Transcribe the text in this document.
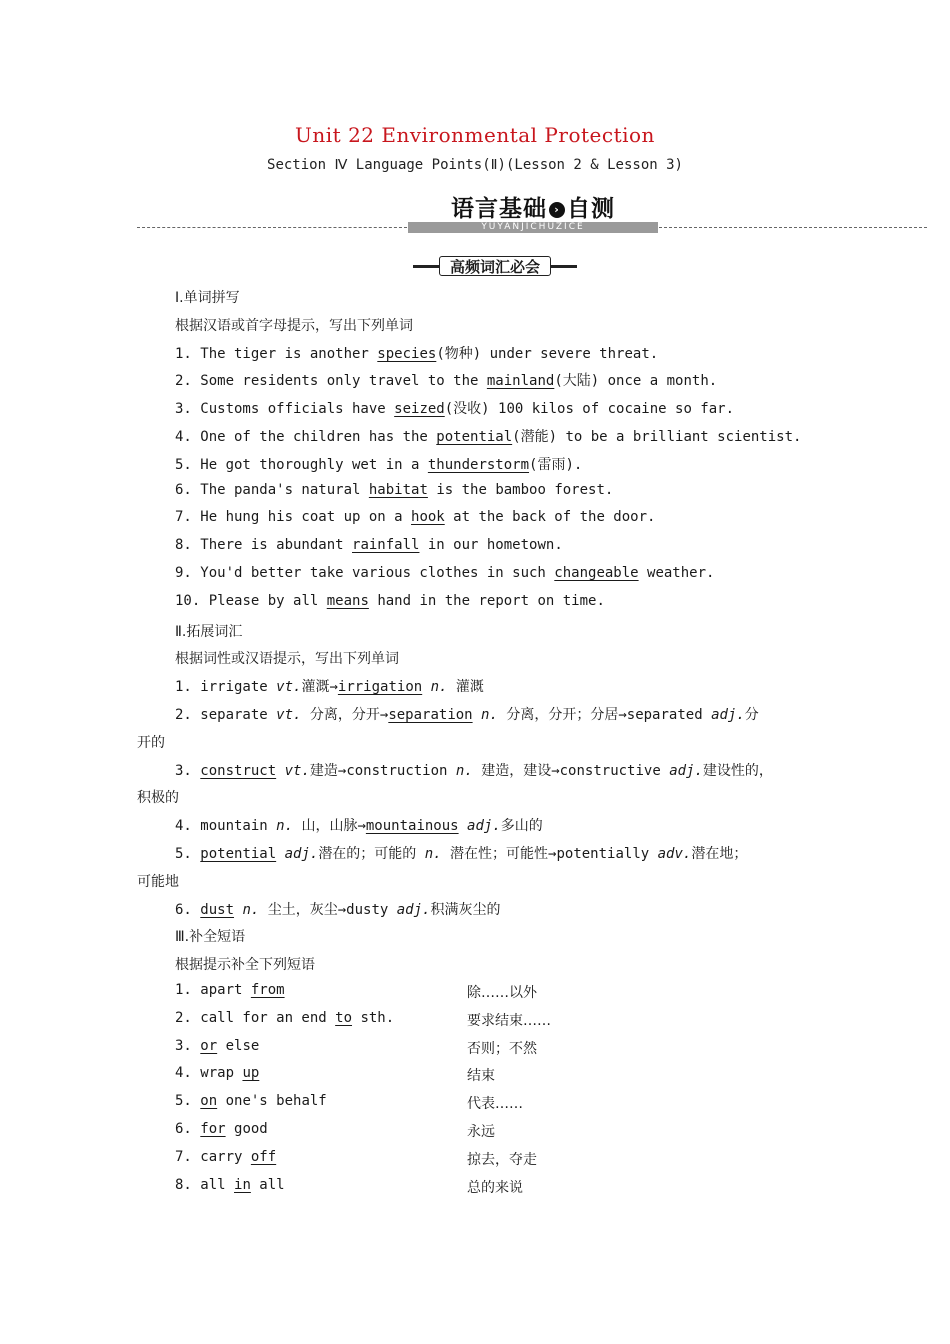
Unit 22 Environmental Protection
Section Ⅳ Language Points(Ⅱ)(Lesson 2 & Lesson 3)
语言基础 › 自测
YUYANJICHUZICE
高频词汇必会
Ⅰ.单词拼写
根据汉语或首字母提示，写出下列单词
1. The tiger is another species(物种) under severe threat.
2. Some residents only travel to the mainland(大陆) once a month.
3. Customs officials have seized(没收) 100 kilos of cocaine so far.
4. One of the children has the potential(潜能) to be a brilliant scientist.
5. He got thoroughly wet in a thunderstorm(雷雨).
6. The panda's natural habitat is the bamboo forest.
7. He hung his coat up on a hook at the back of the door.
8. There is abundant rainfall in our hometown.
9. You'd better take various clothes in such changeable weather.
10. Please by all means hand in the report on time.
Ⅱ.拓展词汇
根据词性或汉语提示，写出下列单词
1. irrigate vt.灌溉→irrigation n. 灌溉
2. separate vt. 分离，分开→separation n. 分离，分开；分居→separated adj.分
开的
3. construct vt.建造→construction n. 建造，建设→constructive adj.建设性的，
积极的
4. mountain n. 山，山脉→mountainous adj.多山的
5. potential adj.潜在的；可能的 n. 潜在性；可能性→potentially adv.潜在地；
可能地
6. dust n. 尘土，灰尘→dusty adj.积满灰尘的
Ⅲ.补全短语
根据提示补全下列短语
1. apart from	除……以外
2. call for an end to sth.	要求结束……
3. or else	否则；不然
4. wrap up	结束
5. on one's behalf	代表……
6. for good	永远
7. carry off	掠去，夺走
8. all in all	总的来说
